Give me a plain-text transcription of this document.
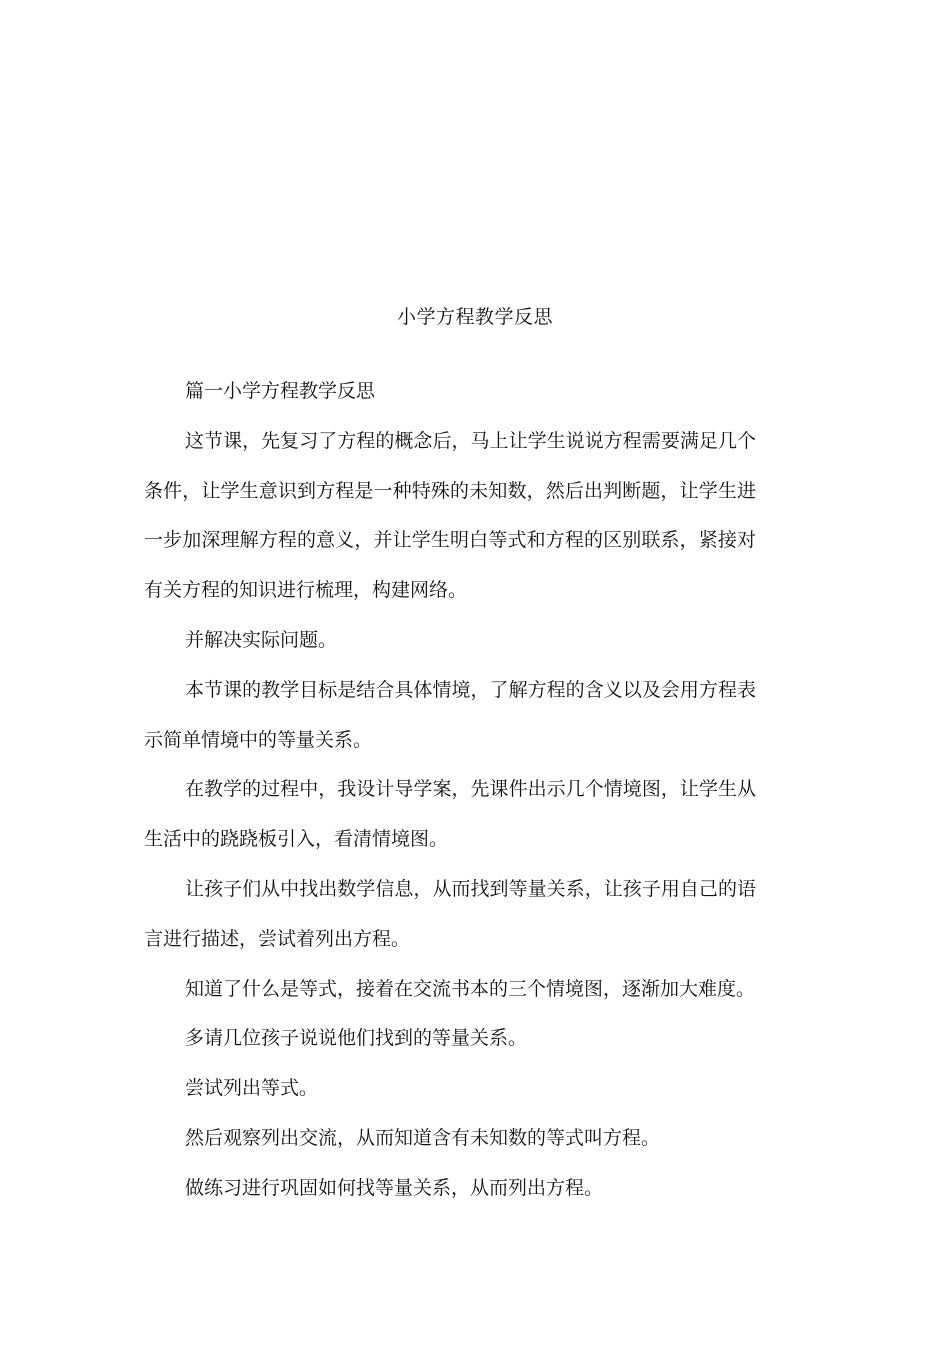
小学方程教学反思

篇一小学方程教学反思

这节课，先复习了方程的概念后，马上让学生说说方程需要满足几个条件，让学生意识到方程是一种特殊的未知数，然后出判断题，让学生进一步加深理解方程的意义，并让学生明白等式和方程的区别联系，紧接对有关方程的知识进行梳理，构建网络。

并解决实际问题。

本节课的教学目标是结合具体情境，了解方程的含义以及会用方程表示简单情境中的等量关系。

在教学的过程中，我设计导学案，先课件出示几个情境图，让学生从生活中的跷跷板引入，看清情境图。

让孩子们从中找出数学信息，从而找到等量关系，让孩子用自己的语言进行描述，尝试着列出方程。

知道了什么是等式，接着在交流书本的三个情境图，逐渐加大难度。

多请几位孩子说说他们找到的等量关系。

尝试列出等式。

然后观察列出交流，从而知道含有未知数的等式叫方程。

做练习进行巩固如何找等量关系，从而列出方程。
